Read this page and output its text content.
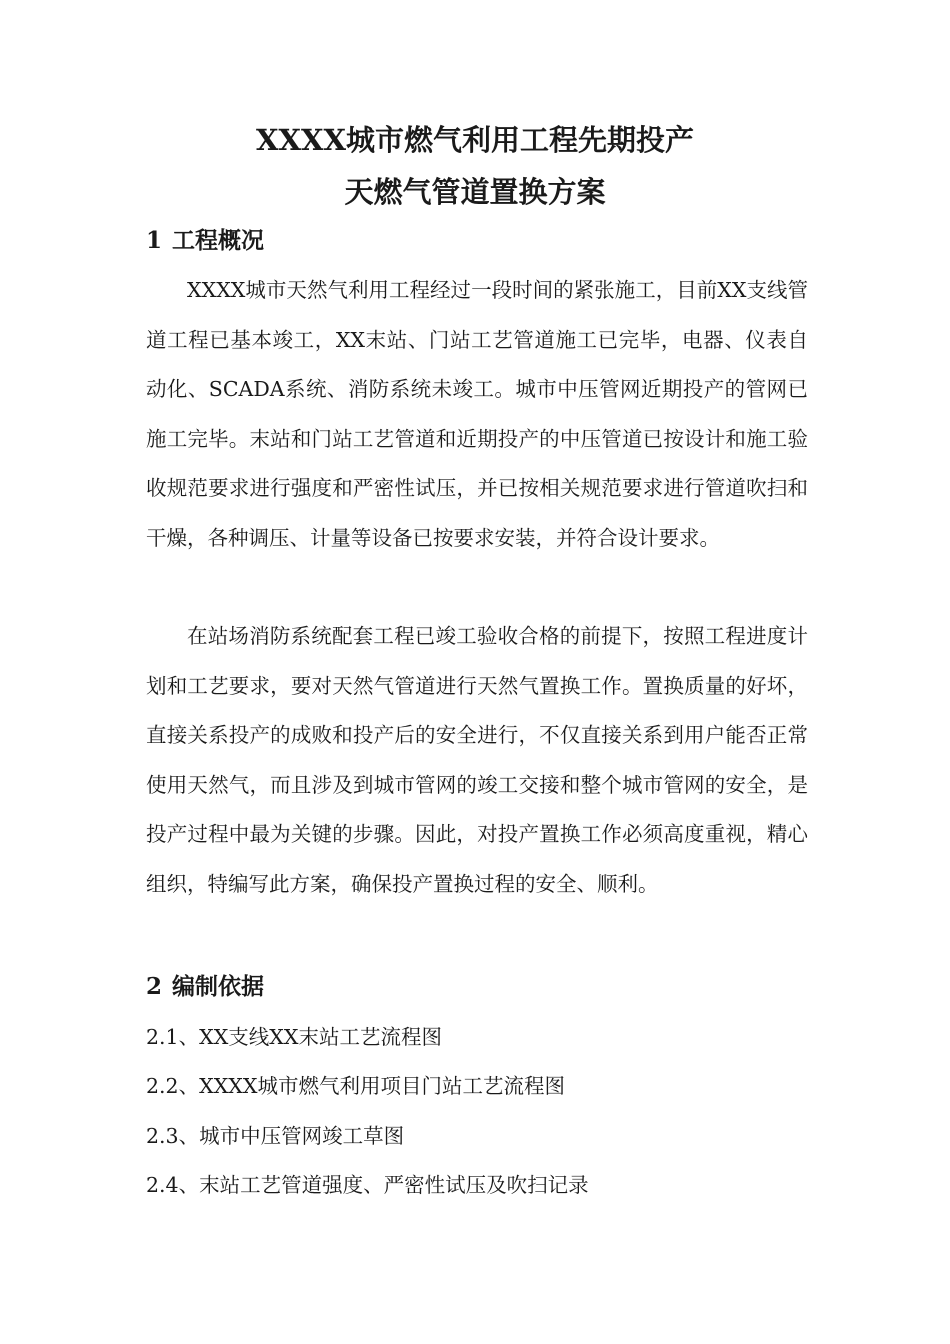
XXXX城市燃气利用工程先期投产
天燃气管道置换方案
1 工程概况

XXXX城市天然气利用工程经过一段时间的紧张施工，目前XX支线管道工程已基本竣工，XX末站、门站工艺管道施工已完毕，电器、仪表自动化、SCADA系统、消防系统未竣工。城市中压管网近期投产的管网已施工完毕。末站和门站工艺管道和近期投产的中压管道已按设计和施工验收规范要求进行强度和严密性试压，并已按相关规范要求进行管道吹扫和干燥，各种调压、计量等设备已按要求安装，并符合设计要求。

在站场消防系统配套工程已竣工验收合格的前提下，按照工程进度计划和工艺要求，要对天然气管道进行天然气置换工作。置换质量的好坏，直接关系投产的成败和投产后的安全进行，不仅直接关系到用户能否正常使用天然气，而且涉及到城市管网的竣工交接和整个城市管网的安全，是投产过程中最为关键的步骤。因此，对投产置换工作必须高度重视，精心组织，特编写此方案，确保投产置换过程的安全、顺利。

2 编制依据
2.1、XX支线XX末站工艺流程图
2.2、XXXX城市燃气利用项目门站工艺流程图
2.3、城市中压管网竣工草图
2.4、末站工艺管道强度、严密性试压及吹扫记录
